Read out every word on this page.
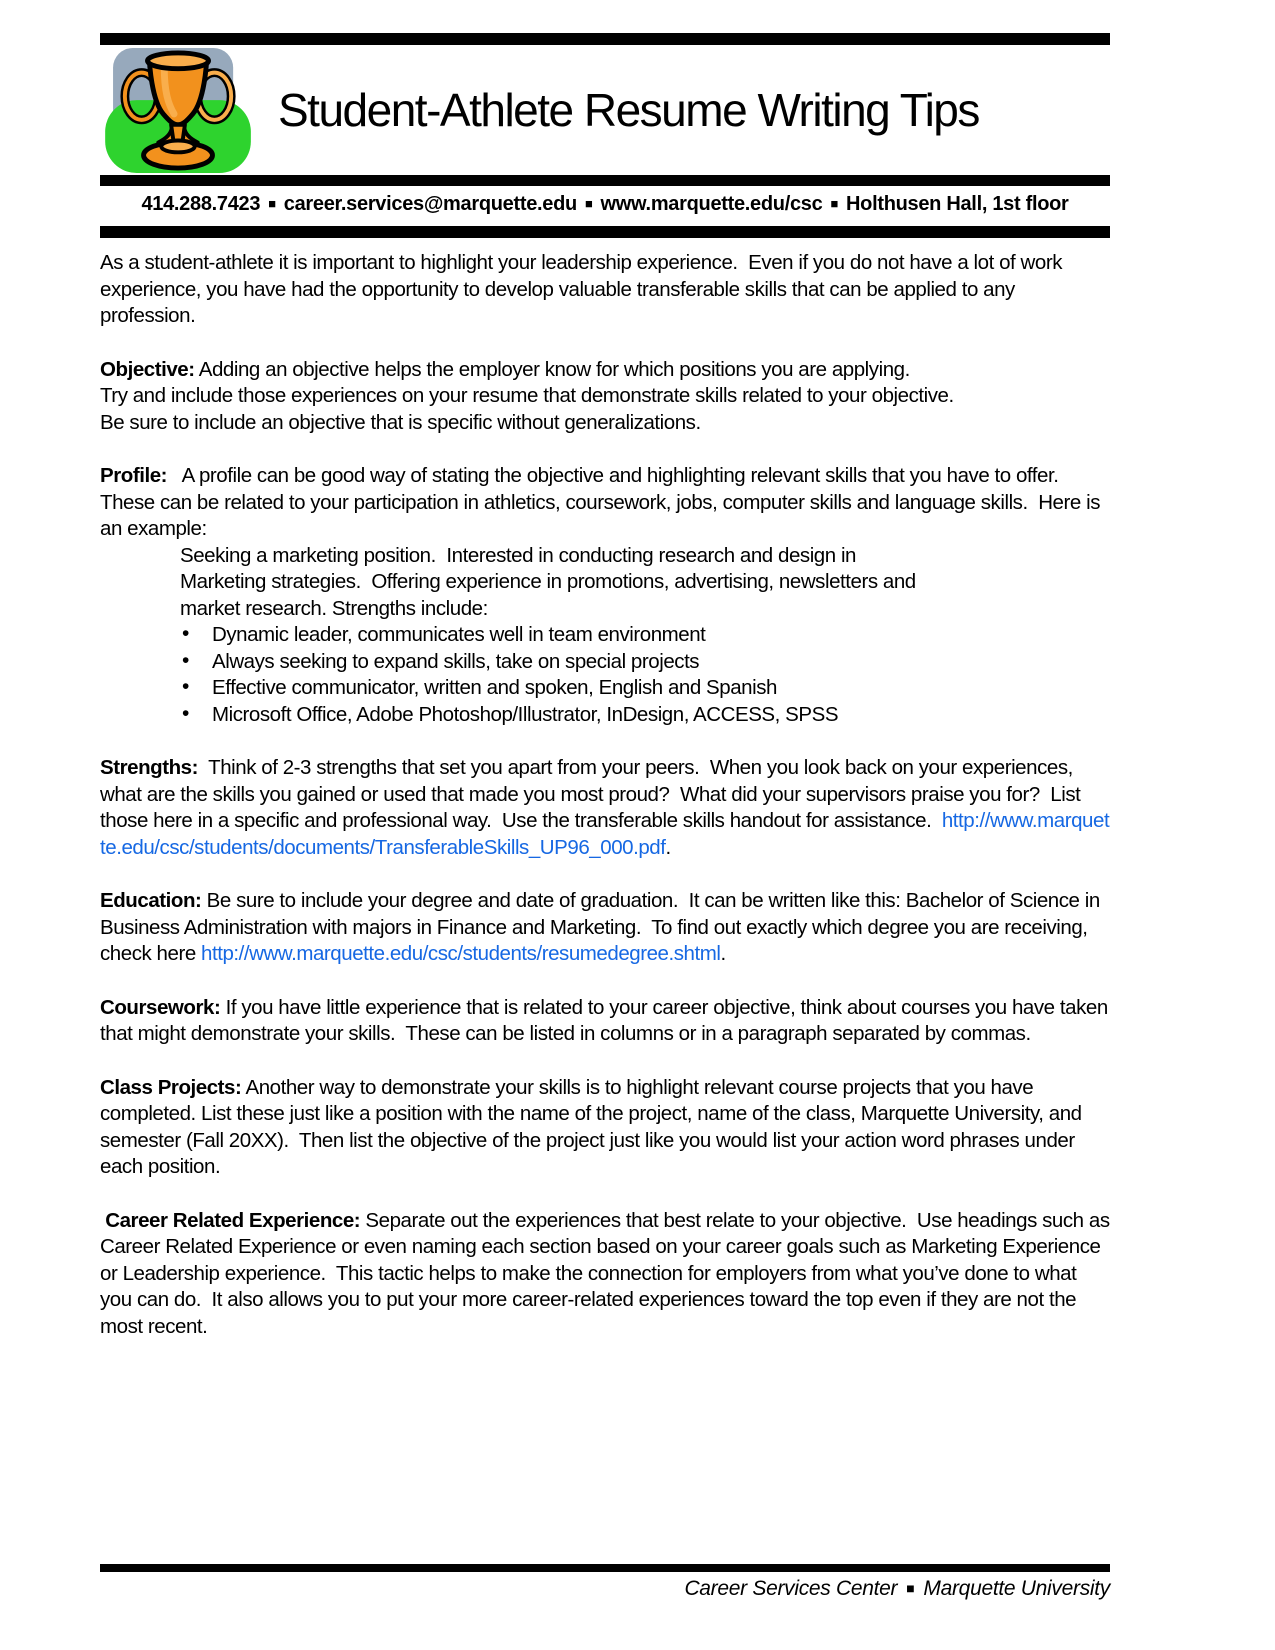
Student-Athlete Resume Writing Tips
414.288.7423 ■ career.services@marquette.edu ■ www.marquette.edu/csc ■ Holthusen Hall, 1st floor

As a student-athlete it is important to highlight your leadership experience.  Even if you do not have a lot of work experience, you have had the opportunity to develop valuable transferable skills that can be applied to any profession.

Objective: Adding an objective helps the employer know for which positions you are applying.
Try and include those experiences on your resume that demonstrate skills related to your objective.
Be sure to include an objective that is specific without generalizations.

Profile:   A profile can be good way of stating the objective and highlighting relevant skills that you have to offer.  These can be related to your participation in athletics, coursework, jobs, computer skills and language skills.  Here is an example:

Seeking a marketing position.  Interested in conducting research and design in
Marketing strategies.  Offering experience in promotions, advertising, newsletters and
market research. Strengths include:
• Dynamic leader, communicates well in team environment
• Always seeking to expand skills, take on special projects
• Effective communicator, written and spoken, English and Spanish
• Microsoft Office, Adobe Photoshop/Illustrator, InDesign, ACCESS, SPSS

Strengths:  Think of 2-3 strengths that set you apart from your peers.  When you look back on your experiences, what are the skills you gained or used that made you most proud?  What did your supervisors praise you for?  List those here in a specific and professional way.  Use the transferable skills handout for assistance.  http://www.marquette.edu/csc/students/documents/TransferableSkills_UP96_000.pdf.

Education: Be sure to include your degree and date of graduation.  It can be written like this: Bachelor of Science in Business Administration with majors in Finance and Marketing.  To find out exactly which degree you are receiving, check here http://www.marquette.edu/csc/students/resumedegree.shtml.

Coursework: If you have little experience that is related to your career objective, think about courses you have taken that might demonstrate your skills.  These can be listed in columns or in a paragraph separated by commas.

Class Projects: Another way to demonstrate your skills is to highlight relevant course projects that you have completed. List these just like a position with the name of the project, name of the class, Marquette University, and semester (Fall 20XX).  Then list the objective of the project just like you would list your action word phrases under each position.

Career Related Experience: Separate out the experiences that best relate to your objective.  Use headings such as Career Related Experience or even naming each section based on your career goals such as Marketing Experience or Leadership experience.  This tactic helps to make the connection for employers from what you’ve done to what you can do.  It also allows you to put your more career-related experiences toward the top even if they are not the most recent.

Career Services Center ■ Marquette University
